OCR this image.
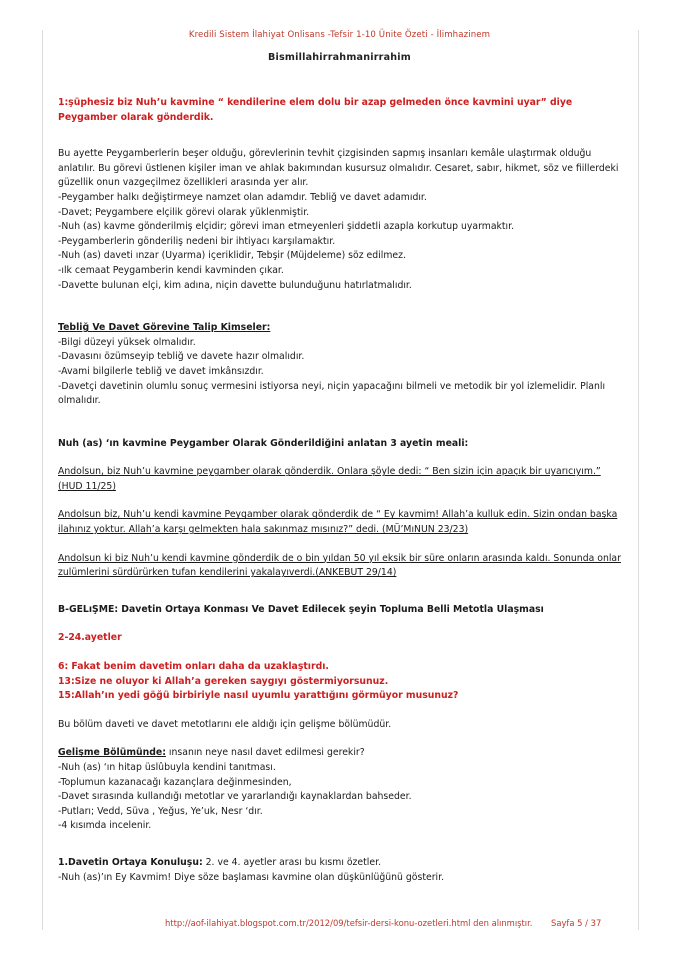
Kredili Sistem İlahiyat Onlisans -Tefsir 1-10 Ünite Özeti - İlimhazinem
Bismillahirrahmanirrahim

1:şüphesiz biz Nuh’u kavmine “ kendilerine elem dolu bir azap gelmeden önce kavmini uyar” diye Peygamber olarak gönderdik.

Bu ayette Peygamberlerin beşer olduğu, görevlerinin tevhit çizgisinden sapmış insanları kemâle ulaştırmak olduğu anlatılır. Bu görevi üstlenen kişiler iman ve ahlak bakımından kusursuz olmalıdır. Cesaret, sabır, hikmet, söz ve fiillerdeki güzellik onun vazgeçilmez özellikleri arasında yer alır.

-Peygamber halkı değiştirmeye namzet olan adamdır. Tebliğ ve davet adamıdır.

-Davet; Peygambere elçilik görevi olarak yüklenmiştir.

-Nuh (as) kavme gönderilmiş elçidir; görevi iman etmeyenleri şiddetli azapla korkutup uyarmaktır.

-Peygamberlerin gönderiliş nedeni bir ihtiyacı karşılamaktır.

-Nuh (as) daveti ınzar (Uyarma) içeriklidir, Tebşir (Müjdeleme) söz edilmez.

-ılk cemaat Peygamberin kendi kavminden çıkar.

-Davette bulunan elçi, kim adına, niçin davette bulunduğunu hatırlatmalıdır.

Tebliğ Ve Davet Görevine Talip Kimseler:

-Bilgi düzeyi yüksek olmalıdır.

-Davasını özümseyip tebliğ ve davete hazır olmalıdır.

-Avami bilgilerle tebliğ ve davet imkânsızdır.

-Davetçi davetinin olumlu sonuç vermesini istiyorsa neyi, niçin yapacağını bilmeli ve metodik bir yol izlemelidir. Planlı olmalıdır.

Nuh (as) ‘ın kavmine Peygamber Olarak Gönderildiğini anlatan 3 ayetin meali:

Andolsun, biz Nuh’u kavmine peygamber olarak gönderdik. Onlara şöyle dedi: “ Ben sizin için apaçık bir uyarıcıyım.” (HUD 11/25)

Andolsun biz, Nuh’u kendi kavmine Peygamber olarak gönderdik de “ Ey kavmim! Allah’a kulluk edin. Sizin ondan başka ilahınız yoktur. Allah’a karşı gelmekten hala sakınmaz mısınız?” dedi. (MÜ’MıNUN 23/23)

Andolsun ki biz Nuh’u kendi kavmine gönderdik de o bin yıldan 50 yıl eksik bir süre onların arasında kaldı. Sonunda onlar zulümlerini sürdürürken tufan kendilerini yakalayıverdi.(ANKEBUT 29/14)

B-GELıŞME: Davetin Ortaya Konması Ve Davet Edilecek şeyin Topluma Belli Metotla Ulaşması

2-24.ayetler

6: Fakat benim davetim onları daha da uzaklaştırdı.

13:Size ne oluyor ki Allah’a gereken saygıyı göstermiyorsunuz.

15:Allah’ın yedi göğü birbiriyle nasıl uyumlu yarattığını görmüyor musunuz?

Bu bölüm daveti ve davet metotlarını ele aldığı için gelişme bölümüdür.

Gelişme Bölümünde: ınsanın neye nasıl davet edilmesi gerekir?

-Nuh (as) ‘ın hitap üslûbuyla kendini tanıtması.

-Toplumun kazanacağı kazançlara değinmesinden,

-Davet sırasında kullandığı metotlar ve yararlandığı kaynaklardan bahseder.

-Putları; Vedd, Süva , Yeğus, Ye’uk, Nesr ‘dır.

-4 kısımda incelenir.

1.Davetin Ortaya Konuluşu: 2. ve 4. ayetler arası bu kısmı özetler.

-Nuh (as)’ın Ey Kavmim! Diye söze başlaması kavmine olan düşkünlüğünü gösterir.

http://aof-ilahiyat.blogspot.com.tr/2012/09/tefsir-dersi-konu-ozetleri.html den alınmıştır. Sayfa 5 / 37
